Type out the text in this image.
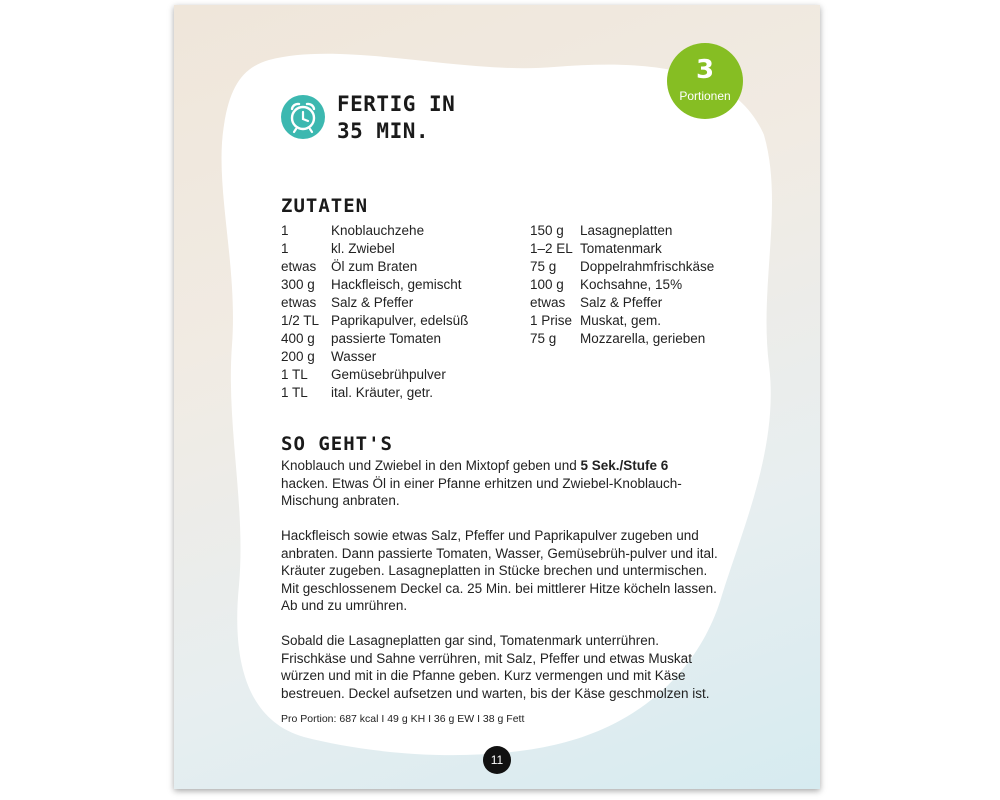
FERTIG IN
35 MIN.
3
Portionen
ZUTATEN
1	Knoblauchzehe
1	kl. Zwiebel
etwas Öl zum Braten
300 g Hackfleisch, gemischt
etwas Salz & Pfeffer
1/2 TL Paprikapulver, edelsüß
400 g passierte Tomaten
200 g Wasser
1 TL Gemüsebrühpulver
1 TL ital. Kräuter, getr.
150 g Lasagneplatten
1–2 EL Tomatenmark
75 g Doppelrahmfrischkäse
100 g Kochsahne, 15%
etwas Salz & Pfeffer
1 Prise Muskat, gem.
75 g Mozzarella, gerieben
SO GEHT'S

Knoblauch und Zwiebel in den Mixtopf geben und 5 Sek./Stufe 6
hacken. Etwas Öl in einer Pfanne erhitzen und Zwiebel-Knoblauch-Mischung anbraten.

Hackfleisch sowie etwas Salz, Pfeffer und Paprikapulver zugeben und anbraten. Dann passierte Tomaten, Wasser, Gemüsebrüh-pulver und ital. Kräuter zugeben. Lasagneplatten in Stücke brechen und untermischen. Mit geschlossenem Deckel ca. 25 Min. bei mittlerer Hitze köcheln lassen. Ab und zu umrühren.

Sobald die Lasagneplatten gar sind, Tomatenmark unterrühren. Frischkäse und Sahne verrühren, mit Salz, Pfeffer und etwas Muskat würzen und mit in die Pfanne geben. Kurz vermengen und mit Käse bestreuen. Deckel aufsetzen und warten, bis der Käse geschmolzen ist.

Pro Portion: 687 kcal I 49 g KH I 36 g EW I 38 g Fett
11
